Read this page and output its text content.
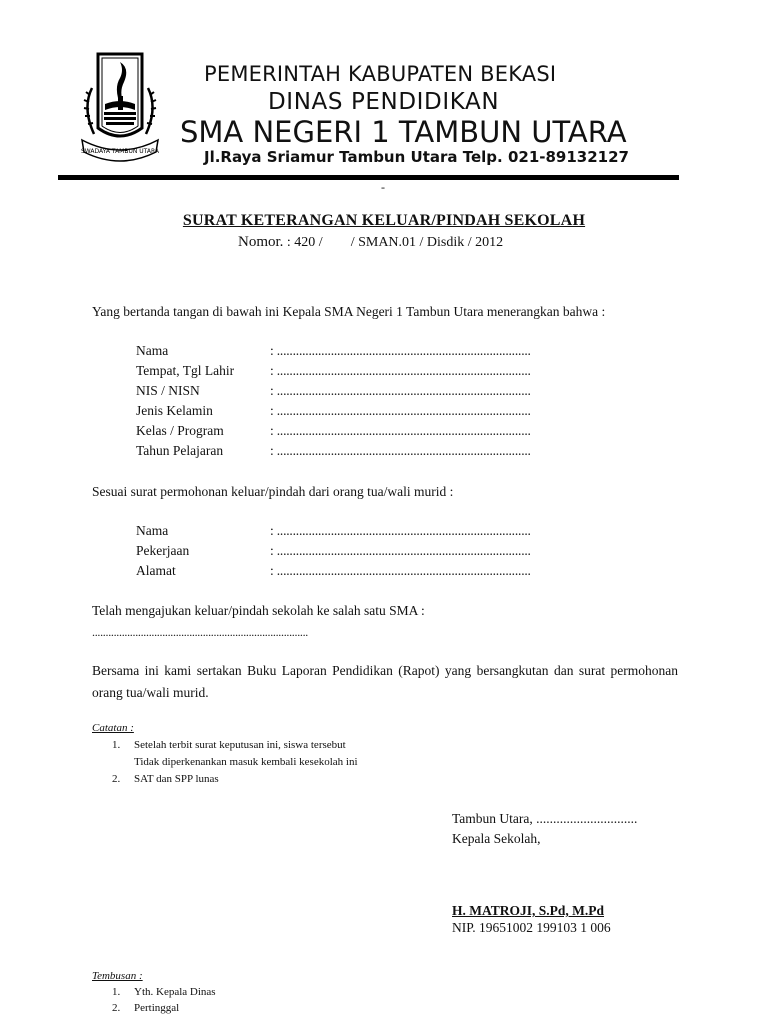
SWADAYA TAMBUN UTARA
PEMERINTAH KABUPATEN BEKASI
DINAS PENDIDIKAN
SMA NEGERI 1 TAMBUN UTARA
Jl.Raya Sriamur Tambun Utara Telp. 021-89132127
-
SURAT KETERANGAN KELUAR/PINDAH SEKOLAH
Nomor. : 420 /        / SMAN.01 / Disdik / 2012
Yang bertanda tangan di bawah ini Kepala SMA Negeri 1 Tambun Utara menerangkan bahwa :
Nama	: ................................................................................
Tempat, Tgl Lahir	: ................................................................................
NIS / NISN	: ................................................................................
Jenis Kelamin	: ................................................................................
Kelas / Program	: ................................................................................
Tahun Pelajaran	: ................................................................................
Sesuai surat permohonan keluar/pindah dari orang tua/wali murid :
Nama	: ................................................................................
Pekerjaan	: ................................................................................
Alamat	: ................................................................................
Telah mengajukan keluar/pindah sekolah ke salah satu SMA :
................................................................................
Bersama ini kami sertakan Buku Laporan Pendidikan (Rapot) yang bersangkutan dan surat permohonan orang tua/wali murid.
Catatan :
1. Setelah terbit surat keputusan ini, siswa tersebut
Tidak diperkenankan masuk kembali kesekolah ini
2. SAT dan SPP lunas
Tambun Utara, ..............................
Kepala Sekolah,
H. MATROJI, S.Pd, M.Pd
NIP. 19651002 199103 1 006
Tembusan :
1. Yth. Kepala Dinas
2. Pertinggal
